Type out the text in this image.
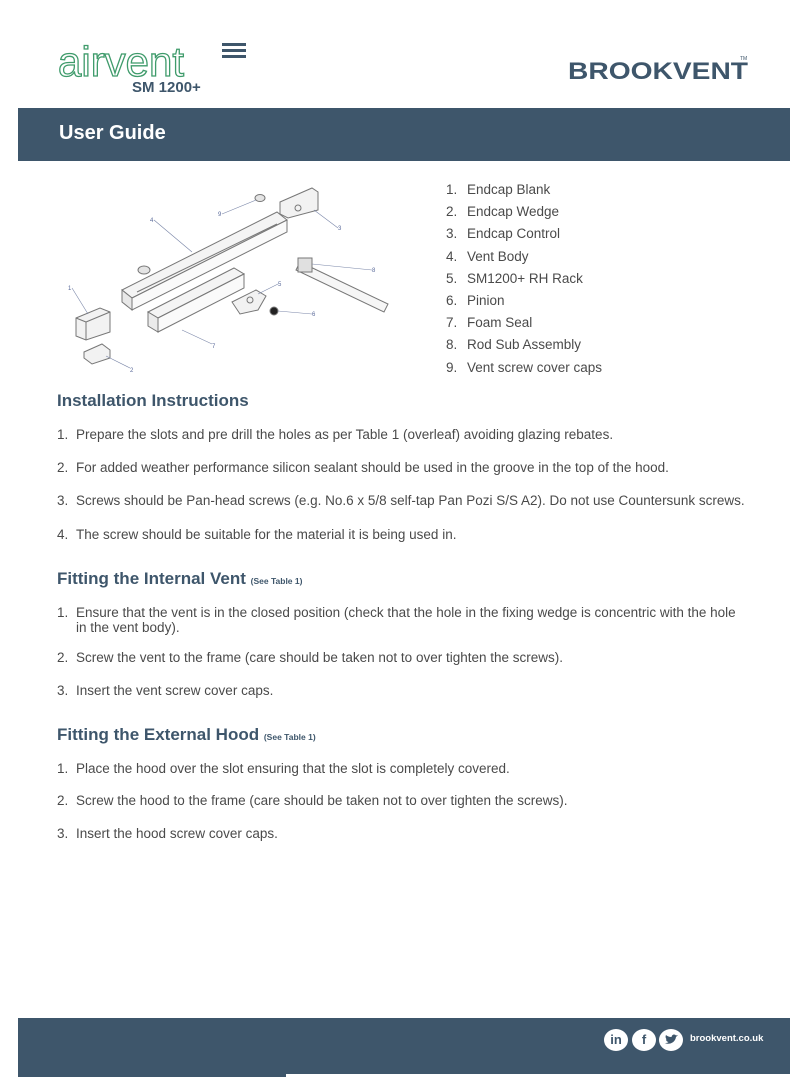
airvent
SM 1200+
BROOKVENT
TM
User Guide
1
2
3
4
5
6
7
8
9
1. Endcap Blank
2. Endcap Wedge
3. Endcap Control
4. Vent Body
5. SM1200+ RH Rack
6. Pinion
7. Foam Seal
8. Rod Sub Assembly
9. Vent screw cover caps
Installation Instructions
1. Prepare the slots and pre drill the holes as per Table 1 (overleaf) avoiding glazing rebates.
2. For added weather performance silicon sealant should be used in the groove in the top of the hood.
3. Screws should be Pan-head screws (e.g. No.6 x 5/8 self-tap Pan Pozi S/S A2). Do not use Countersunk screws.
4. The screw should be suitable for the material it is being used in.
Fitting the Internal Vent (See Table 1)
1. Ensure that the vent is in the closed position (check that the hole in the fixing wedge is concentric with the hole in the vent body).
2. Screw the vent to the frame (care should be taken not to over tighten the screws).
3. Insert the vent screw cover caps.
Fitting the External Hood (See Table 1)
1. Place the hood over the slot ensuring that the slot is completely covered.
2. Screw the hood to the frame (care should be taken not to over tighten the screws).
3. Insert the hood screw cover caps.
in	f	brookvent.co.uk
